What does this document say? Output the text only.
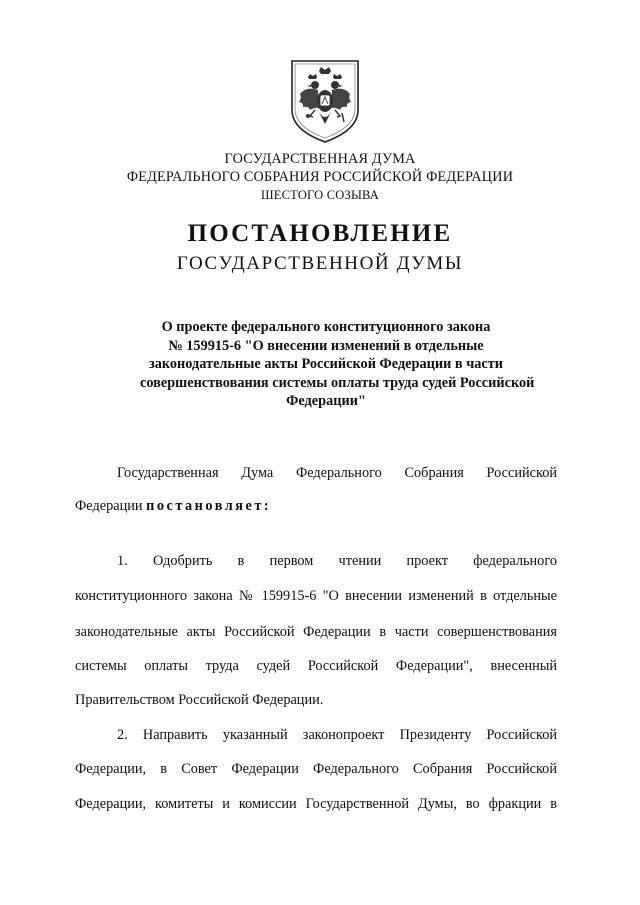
ГОСУДАРСТВЕННАЯ ДУМА
ФЕДЕРАЛЬНОГО СОБРАНИЯ РОССИЙСКОЙ ФЕДЕРАЦИИ
ШЕСТОГО СОЗЫВА
ПОСТАНОВЛЕНИЕ
ГОСУДАРСТВЕННОЙ ДУМЫ
О проекте федерального конституционного закона
№ 159915-6 "О внесении изменений в отдельные
законодательные акты Российской Федерации в части
совершенствования системы оплаты труда судей Российской
Федерации"
Государственная Дума Федерального Собрания Российской
Федерации постановляет:
1. Одобрить в первом чтении проект федерального
конституционного закона № 159915-6 "О внесении изменений в отдельные
законодательные акты Российской Федерации в части совершенствования
системы оплаты труда судей Российской Федерации", внесенный
Правительством Российской Федерации.
2. Направить указанный законопроект Президенту Российской
Федерации, в Совет Федерации Федерального Собрания Российской
Федерации, комитеты и комиссии Государственной Думы, во фракции в
